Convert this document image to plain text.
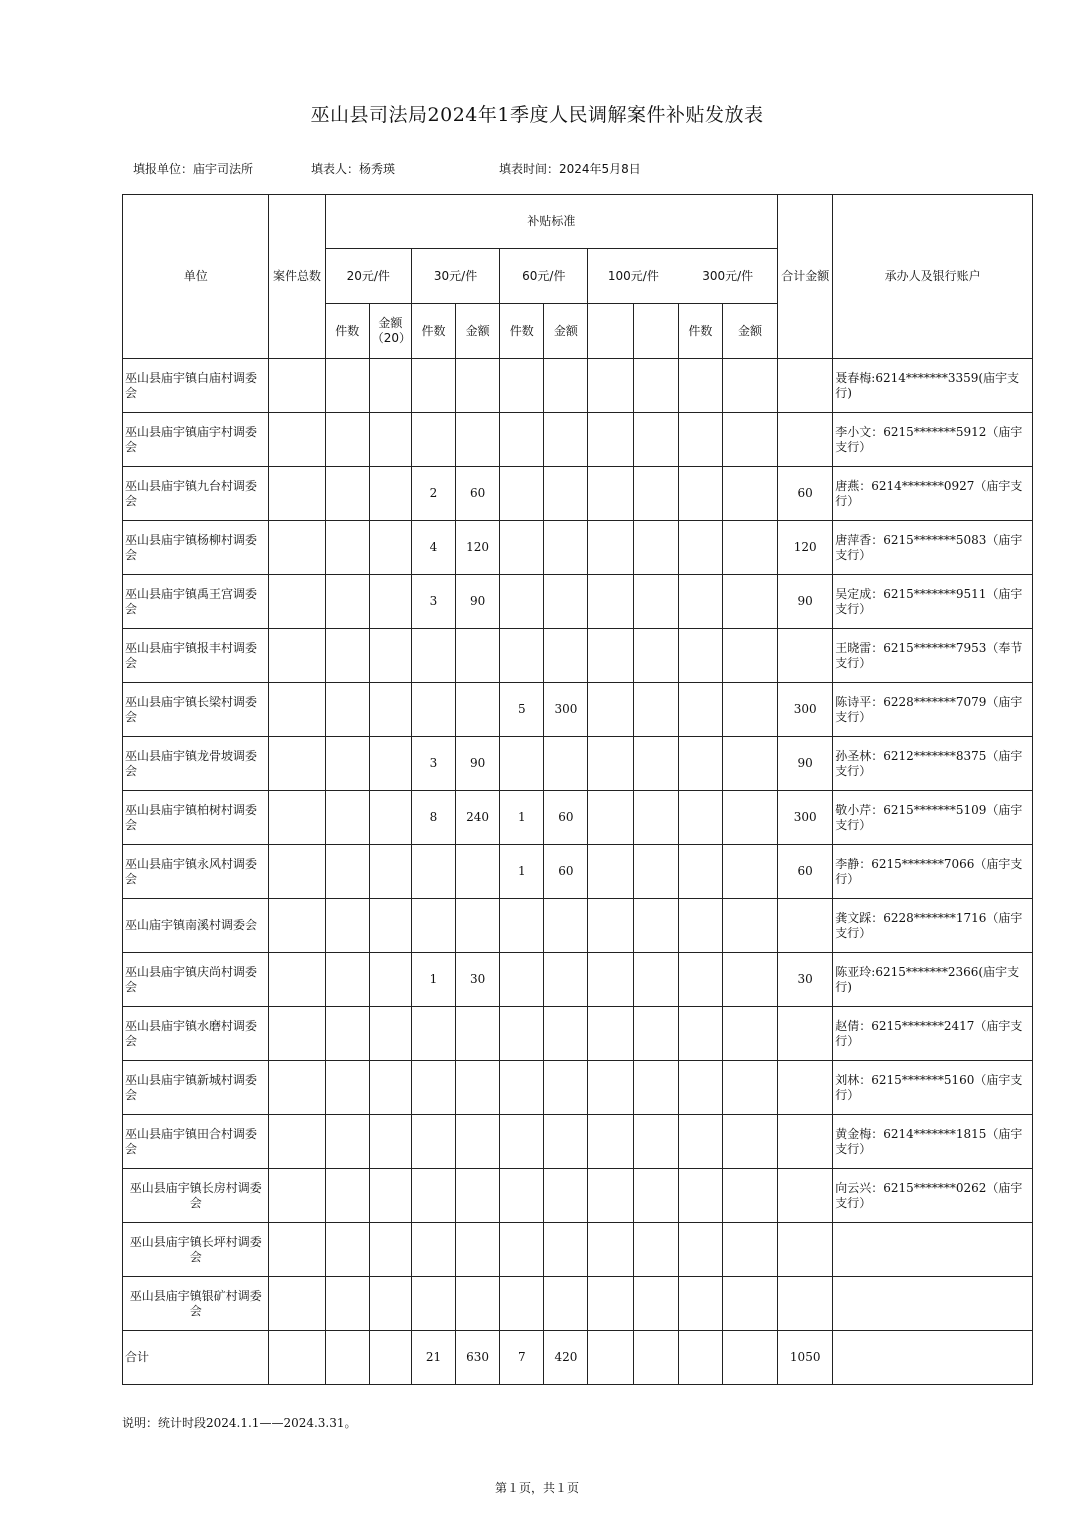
巫山县司法局2024年1季度人民调解案件补贴发放表
填报单位：庙宇司法所	填表人：杨秀瑛	填表时间：2024年5月8日
单位	案件总数	补贴标准										合计金额	承办人及银行账户
		20元/件		30元/件		60元/件		100元/件		300元/件			
		件数	金额（20）	件数	金额	件数	金额			件数	金额		
巫山县庙宇镇白庙村调委会													聂春梅:6214*******3359(庙宇支行)
巫山县庙宇镇庙宇村调委会													李小文：6215*******5912（庙宇支行）
巫山县庙宇镇九台村调委会				2	60							60	唐燕：6214*******0927（庙宇支行）
巫山县庙宇镇杨柳村调委会				4	120							120	唐萍香：6215*******5083（庙宇支行）
巫山县庙宇镇禹王宫调委会				3	90							90	吴定成：6215*******9511（庙宇支行）
巫山县庙宇镇报丰村调委会													王晓雷：6215*******7953（奉节支行）
巫山县庙宇镇长梁村调委会						5	300					300	陈诗平：6228*******7079（庙宇支行）
巫山县庙宇镇龙骨坡调委会				3	90							90	孙圣林：6212*******8375（庙宇支行）
巫山县庙宇镇柏树村调委会				8	240	1	60					300	敬小芹：6215*******5109（庙宇支行）
巫山县庙宇镇永风村调委会						1	60					60	李静：6215*******7066（庙宇支行）
巫山庙宇镇南溪村调委会													龚文踩：6228*******1716（庙宇支行）
巫山县庙宇镇庆尚村调委会				1	30							30	陈亚玲:6215*******2366(庙宇支行)
巫山县庙宇镇水磨村调委会													赵倩：6215*******2417（庙宇支行）
巫山县庙宇镇新城村调委会													刘林：6215*******5160（庙宇支行）
巫山县庙宇镇田合村调委会													黄金梅：6214*******1815（庙宇支行）
巫山县庙宇镇长房村调委会													向云兴：6215*******0262（庙宇支行）
巫山县庙宇镇长坪村调委会													
巫山县庙宇镇银矿村调委会													
合计				21	630	7	420					1050	
说明：统计时段2024.1.1——2024.3.31。
第１页，共１页
